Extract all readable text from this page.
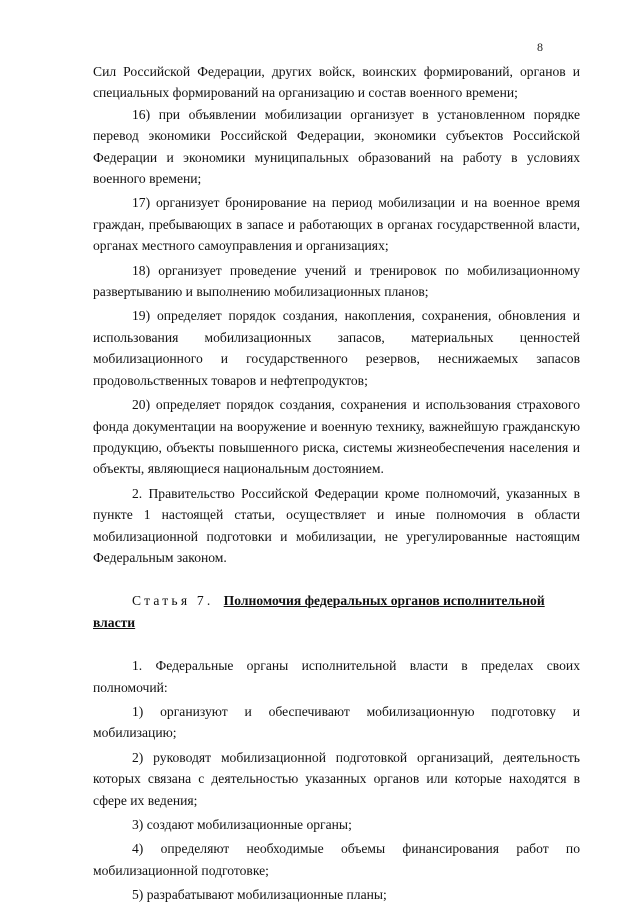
8

Сил Российской Федерации, других войск, воинских формирований, органов и специальных формирований на организацию и состав военного времени;

16) при объявлении мобилизации организует в установленном порядке перевод экономики Российской Федерации, экономики субъектов Российской Федерации и экономики муниципальных образований на работу в условиях военного времени;

17) организует бронирование на период мобилизации и на военное время граждан, пребывающих в запасе и работающих в органах государственной власти, органах местного самоуправления и организациях;

18) организует проведение учений и тренировок по мобилизационному развертыванию и выполнению мобилизационных планов;

19) определяет порядок создания, накопления, сохранения, обновления и использования мобилизационных запасов, материальных ценностей мобилизационного и государственного резервов, неснижаемых запасов продовольственных товаров и нефтепродуктов;

20) определяет порядок создания, сохранения и использования страхового фонда документации на вооружение и военную технику, важнейшую гражданскую продукцию, объекты повышенного риска, системы жизнеобеспечения населения и объекты, являющиеся национальным достоянием.

2. Правительство Российской Федерации кроме полномочий, указанных в пункте 1 настоящей статьи, осуществляет и иные полномочия в области мобилизационной подготовки и мобилизации, не урегулированные настоящим Федеральным законом.

Статья 7. Полномочия федеральных органов исполнительной власти

1. Федеральные органы исполнительной власти в пределах своих полномочий:

1) организуют и обеспечивают мобилизационную подготовку и мобилизацию;

2) руководят мобилизационной подготовкой организаций, деятельность которых связана с деятельностью указанных органов или которые находятся в сфере их ведения;

3) создают мобилизационные органы;

4) определяют необходимые объемы финансирования работ по мобилизационной подготовке;

5) разрабатывают мобилизационные планы;
